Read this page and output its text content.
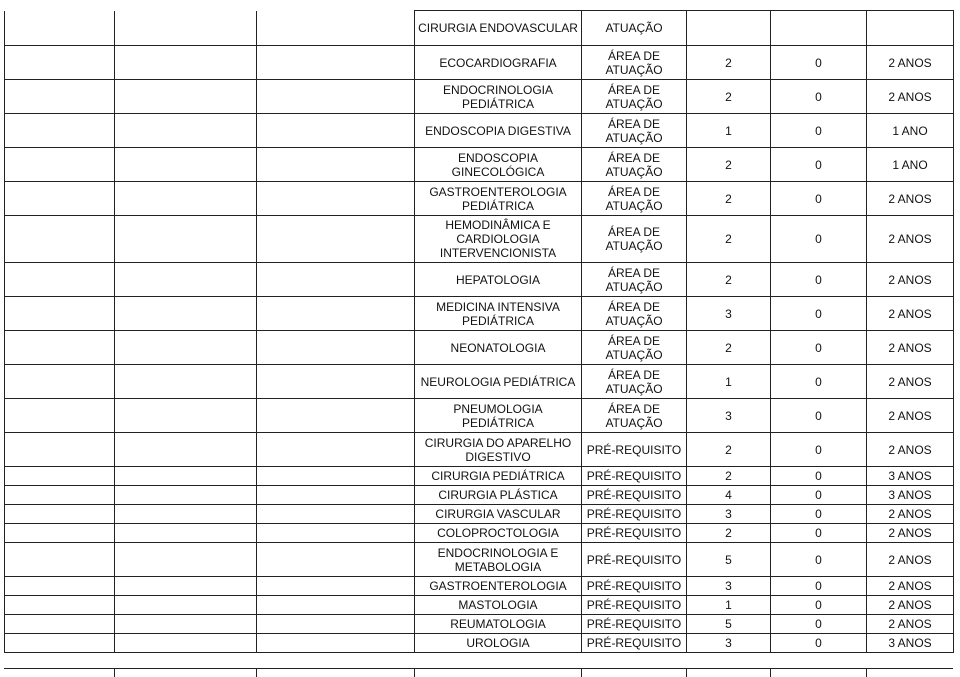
			CIRURGIA ENDOVASCULAR	ATUAÇÃO			
			ECOCARDIOGRAFIA	ÁREA DE ATUAÇÃO	2	0	2 ANOS
			ENDOCRINOLOGIA PEDIÁTRICA	ÁREA DE ATUAÇÃO	2	0	2 ANOS
			ENDOSCOPIA DIGESTIVA	ÁREA DE ATUAÇÃO	1	0	1 ANO
			ENDOSCOPIA GINECOLÓGICA	ÁREA DE ATUAÇÃO	2	0	1 ANO
			GASTROENTEROLOGIA PEDIÁTRICA	ÁREA DE ATUAÇÃO	2	0	2 ANOS
			HEMODINÂMICA E CARDIOLOGIA INTERVENCIONISTA	ÁREA DE ATUAÇÃO	2	0	2 ANOS
			HEPATOLOGIA	ÁREA DE ATUAÇÃO	2	0	2 ANOS
			MEDICINA INTENSIVA PEDIÁTRICA	ÁREA DE ATUAÇÃO	3	0	2 ANOS
			NEONATOLOGIA	ÁREA DE ATUAÇÃO	2	0	2 ANOS
			NEUROLOGIA PEDIÁTRICA	ÁREA DE ATUAÇÃO	1	0	2 ANOS
			PNEUMOLOGIA PEDIÁTRICA	ÁREA DE ATUAÇÃO	3	0	2 ANOS
			CIRURGIA DO APARELHO DIGESTIVO	PRÉ-REQUISITO	2	0	2 ANOS
			CIRURGIA PEDIÁTRICA	PRÉ-REQUISITO	2	0	3 ANOS
			CIRURGIA PLÁSTICA	PRÉ-REQUISITO	4	0	3 ANOS
			CIRURGIA VASCULAR	PRÉ-REQUISITO	3	0	2 ANOS
			COLOPROCTOLOGIA	PRÉ-REQUISITO	2	0	2 ANOS
			ENDOCRINOLOGIA E METABOLOGIA	PRÉ-REQUISITO	5	0	2 ANOS
			GASTROENTEROLOGIA	PRÉ-REQUISITO	3	0	2 ANOS
			MASTOLOGIA	PRÉ-REQUISITO	1	0	2 ANOS
			REUMATOLOGIA	PRÉ-REQUISITO	5	0	2 ANOS
			UROLOGIA	PRÉ-REQUISITO	3	0	3 ANOS
